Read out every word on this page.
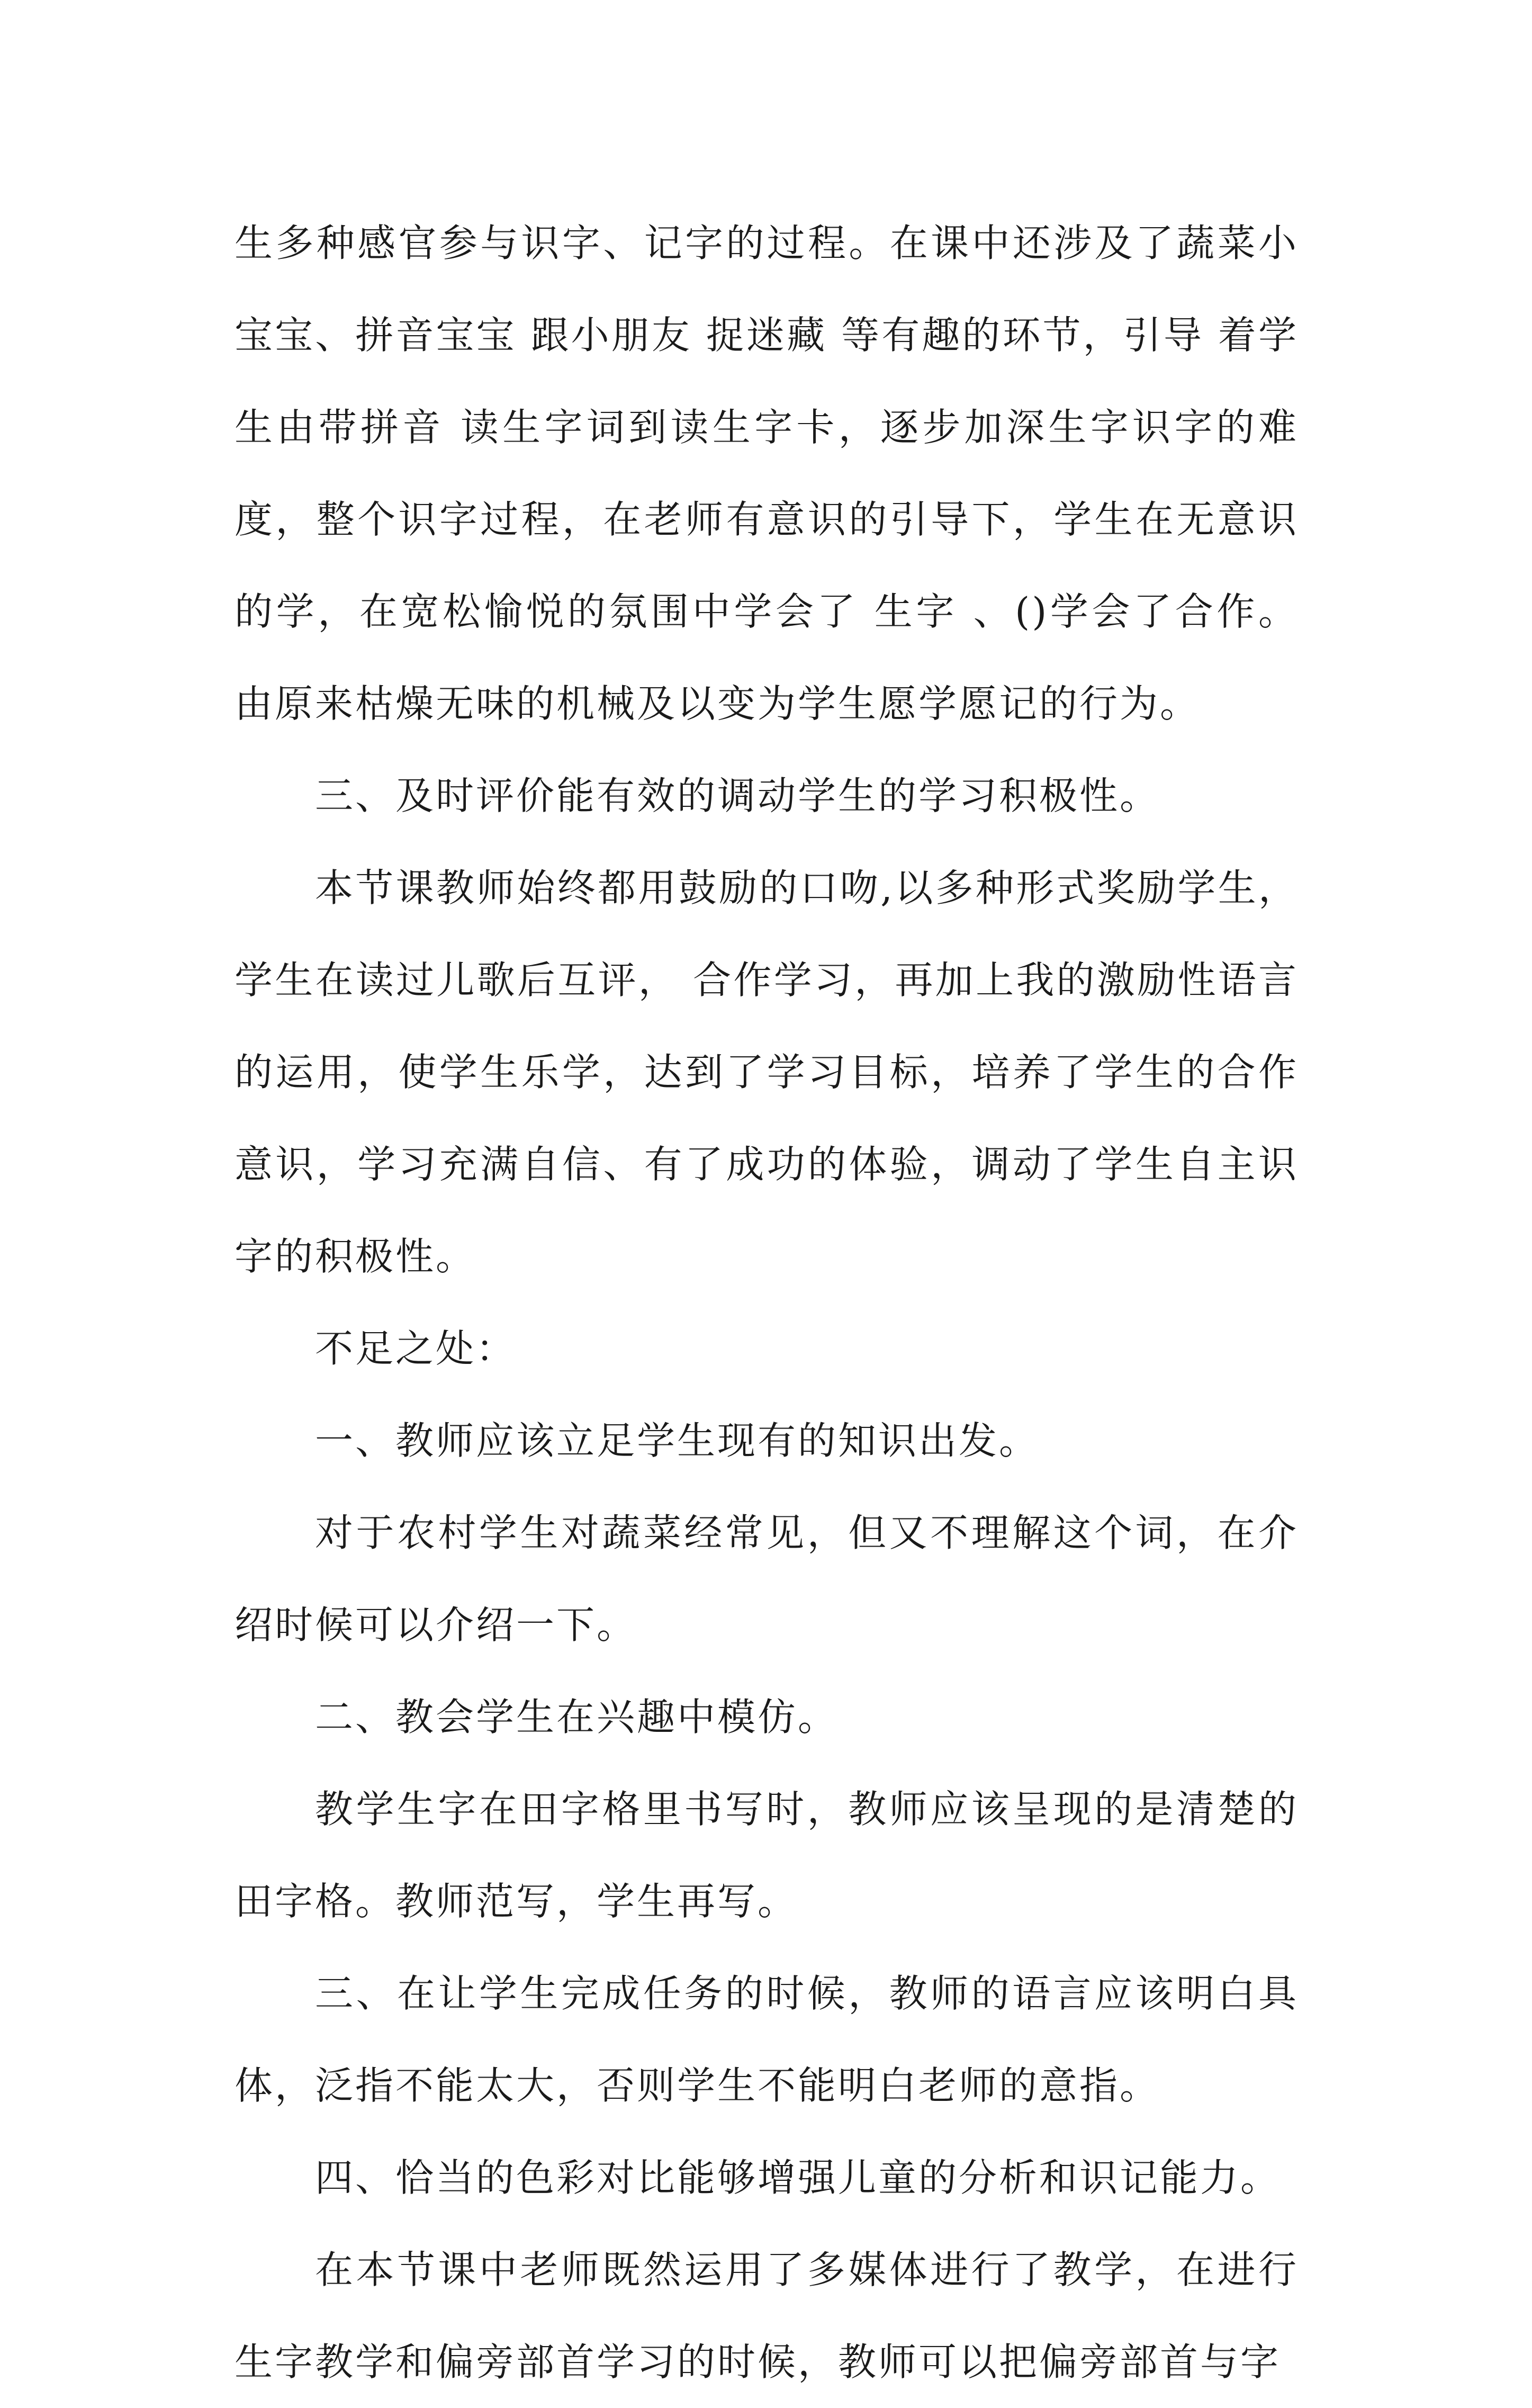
生多种感官参与识字、记字的过程。在课中还涉及了蔬菜小宝宝、拼音宝宝 跟小朋友 捉迷藏 等有趣的环节，引导 着学生由带拼音 读生字词到读生字卡，逐步加深生字识字的难度，整个识字过程，在老师有意识的引导下，学生在无意识的学，在宽松愉悦的氛围中学会了 生字 、()学会了合作。由原来枯燥无味的机械及以变为学生愿学愿记的行为。

三、及时评价能有效的调动学生的学习积极性。

本节课教师始终都用鼓励的口吻,以多种形式奖励学生，学生在读过儿歌后互评， 合作学习，再加上我的激励性语言的运用，使学生乐学，达到了学习目标，培养了学生的合作意识，学习充满自信、有了成功的体验，调动了学生自主识字的积极性。

不足之处：

一、教师应该立足学生现有的知识出发。

对于农村学生对蔬菜经常见，但又不理解这个词，在介绍时候可以介绍一下。

二、教会学生在兴趣中模仿。

教学生字在田字格里书写时，教师应该呈现的是清楚的田字格。教师范写，学生再写。

三、在让学生完成任务的时候，教师的语言应该明白具体，泛指不能太大，否则学生不能明白老师的意指。

四、恰当的色彩对比能够增强儿童的分析和识记能力。

在本节课中老师既然运用了多媒体进行了教学，在进行生字教学和偏旁部首学习的时候，教师可以把偏旁部首与字
